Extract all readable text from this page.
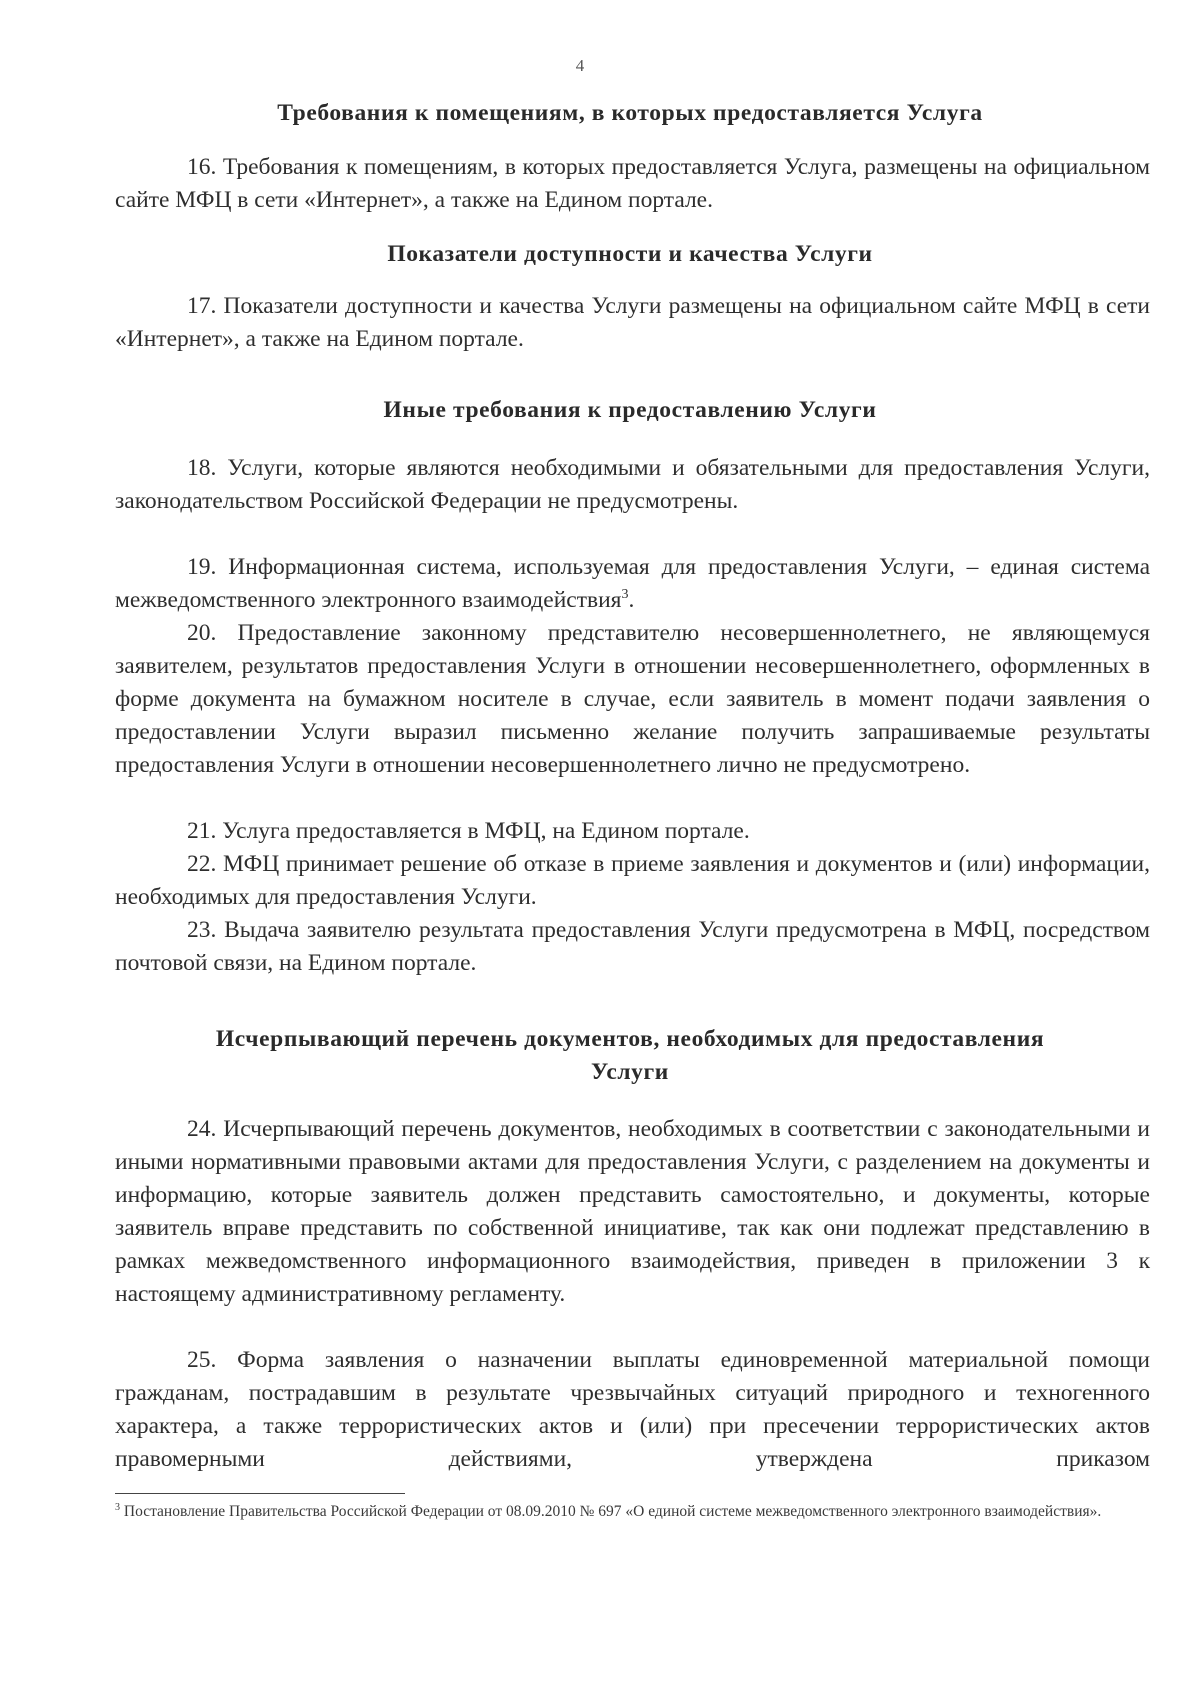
4
Требования к помещениям, в которых предоставляется Услуга

16. Требования к помещениям, в которых предоставляется Услуга, размещены на официальном сайте МФЦ в сети «Интернет», а также на Едином портале.

Показатели доступности и качества Услуги

17. Показатели доступности и качества Услуги размещены на официальном сайте МФЦ в сети «Интернет», а также на Едином портале.

Иные требования к предоставлению Услуги

18. Услуги, которые являются необходимыми и обязательными для предоставления Услуги, законодательством Российской Федерации не предусмотрены.

19. Информационная система, используемая для предоставления Услуги, – единая система межведомственного электронного взаимодействия$^3$.

20. Предоставление законному представителю несовершеннолетнего, не являющемуся заявителем, результатов предоставления Услуги в отношении несовершеннолетнего, оформленных в форме документа на бумажном носителе в случае, если заявитель в момент подачи заявления о предоставлении Услуги выразил письменно желание получить запрашиваемые результаты предоставления Услуги в отношении несовершеннолетнего лично не предусмотрено.

21. Услуга предоставляется в МФЦ, на Едином портале.

22. МФЦ принимает решение об отказе в приеме заявления и документов и (или) информации, необходимых для предоставления Услуги.

23. Выдача заявителю результата предоставления Услуги предусмотрена в МФЦ, посредством почтовой связи, на Едином портале.

Исчерпывающий перечень документов, необходимых для предоставления
Услуги

24. Исчерпывающий перечень документов, необходимых в соответствии с законодательными и иными нормативными правовыми актами для предоставления Услуги, с разделением на документы и информацию, которые заявитель должен представить самостоятельно, и документы, которые заявитель вправе представить по собственной инициативе, так как они подлежат представлению в рамках межведомственного информационного взаимодействия, приведен в приложении 3 к настоящему административному регламенту.

25. Форма заявления о назначении выплаты единовременной материальной помощи гражданам, пострадавшим в результате чрезвычайных ситуаций природного и техногенного характера, а также террористических актов и (или) при пресечении террористических актов правомерными действиями, утверждена приказом

$^3$ Постановление Правительства Российской Федерации от 08.09.2010 № 697 «О единой системе межведомственного электронного взаимодействия».
